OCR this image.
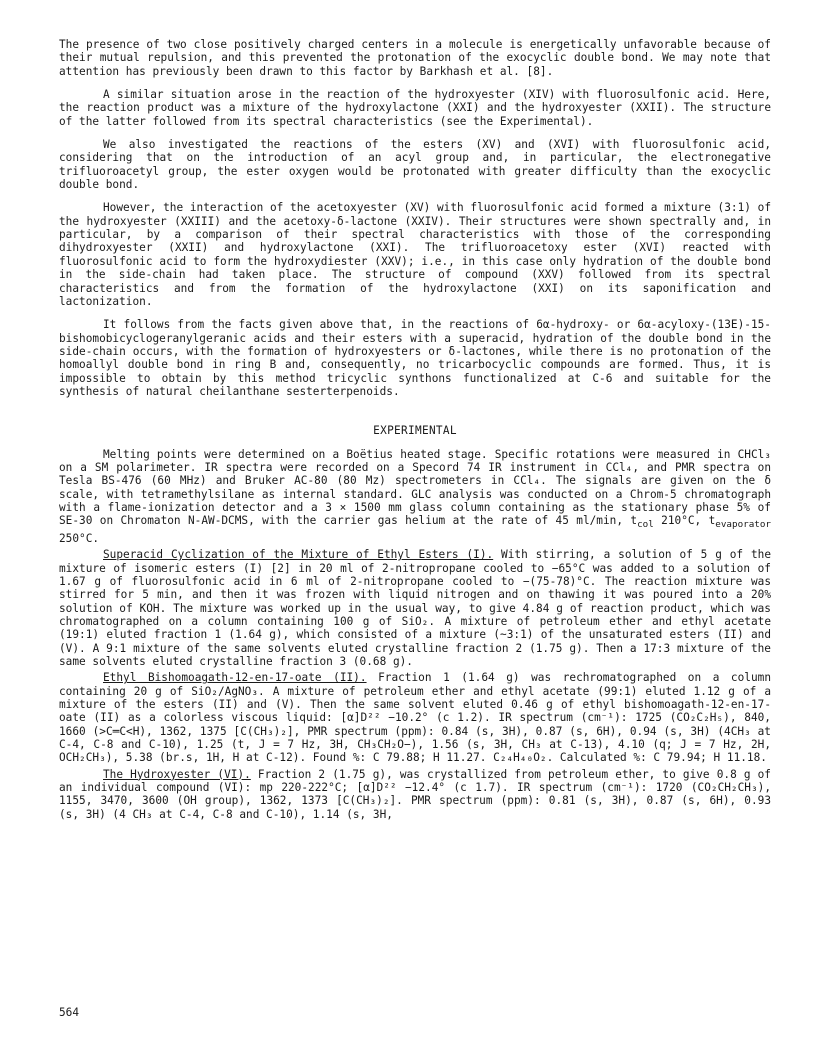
The presence of two close positively charged centers in a molecule is energetically unfavorable because of their mutual repulsion, and this prevented the protonation of the exocyclic double bond. We may note that attention has previously been drawn to this factor by Barkhash et al. [8].

A similar situation arose in the reaction of the hydroxyester (XIV) with fluorosulfonic acid. Here, the reaction product was a mixture of the hydroxylactone (XXI) and the hydroxyester (XXII). The structure of the latter followed from its spectral characteristics (see the Experimental).

We also investigated the reactions of the esters (XV) and (XVI) with fluorosulfonic acid, considering that on the introduction of an acyl group and, in particular, the electronegative trifluoroacetyl group, the ester oxygen would be protonated with greater difficulty than the exocyclic double bond.

However, the interaction of the acetoxyester (XV) with fluorosulfonic acid formed a mixture (3:1) of the hydroxyester (XXIII) and the acetoxy-δ-lactone (XXIV). Their structures were shown spectrally and, in particular, by a comparison of their spectral characteristics with those of the corresponding dihydroxyester (XXII) and hydroxylactone (XXI). The trifluoroacetoxy ester (XVI) reacted with fluorosulfonic acid to form the hydroxydiester (XXV); i.e., in this case only hydration of the double bond in the side-chain had taken place. The structure of compound (XXV) followed from its spectral characteristics and from the formation of the hydroxylactone (XXI) on its saponification and lactonization.

It follows from the facts given above that, in the reactions of 6α-hydroxy- or 6α-acyloxy-(13E)-15-bishomobicyclogeranylgeranic acids and their esters with a superacid, hydration of the double bond in the side-chain occurs, with the formation of hydroxyesters or δ-lactones, while there is no protonation of the homoallyl double bond in ring B and, consequently, no tricarbocyclic compounds are formed. Thus, it is impossible to obtain by this method tricyclic synthons functionalized at C-6 and suitable for the synthesis of natural cheilanthane sesterterpenoids.

EXPERIMENTAL

Melting points were determined on a Boëtius heated stage. Specific rotations were measured in CHCl₃ on a SM polarimeter. IR spectra were recorded on a Specord 74 IR instrument in CCl₄, and PMR spectra on Tesla BS-476 (60 MHz) and Bruker AC-80 (80 Mz) spectrometers in CCl₄. The signals are given on the δ scale, with tetramethylsilane as internal standard. GLC analysis was conducted on a Chrom-5 chromatograph with a flame-ionization detector and a 3 × 1500 mm glass column containing as the stationary phase 5% of SE-30 on Chromaton N-AW-DCMS, with the carrier gas helium at the rate of 45 ml/min, $t_{col}$ 210°C, $t_{evaporator}$ 250°C.

Superacid Cyclization of the Mixture of Ethyl Esters (I). With stirring, a solution of 5 g of the mixture of isomeric esters (I) [2] in 20 ml of 2-nitropropane cooled to −65°C was added to a solution of 1.67 g of fluorosulfonic acid in 6 ml of 2-nitropropane cooled to −(75-78)°C. The reaction mixture was stirred for 5 min, and then it was frozen with liquid nitrogen and on thawing it was poured into a 20% solution of KOH. The mixture was worked up in the usual way, to give 4.84 g of reaction product, which was chromatographed on a column containing 100 g of SiO₂. A mixture of petroleum ether and ethyl acetate (19:1) eluted fraction 1 (1.64 g), which consisted of a mixture (~3:1) of the unsaturated esters (II) and (V). A 9:1 mixture of the same solvents eluted crystalline fraction 2 (1.75 g). Then a 17:3 mixture of the same solvents eluted crystalline fraction 3 (0.68 g).

Ethyl Bishomoagath-12-en-17-oate (II). Fraction 1 (1.64 g) was rechromatographed on a column containing 20 g of SiO₂/AgNO₃. A mixture of petroleum ether and ethyl acetate (99:1) eluted 1.12 g of a mixture of the esters (II) and (V). Then the same solvent eluted 0.46 g of ethyl bishomoagath-12-en-17-oate (II) as a colorless viscous liquid: [α]D²² −10.2° (c 1.2). IR spectrum (cm⁻¹): 1725 (CO₂C₂H₅), 840, 1660 (>C═C<H), 1362, 1375 [C(CH₃)₂], PMR spectrum (ppm): 0.84 (s, 3H), 0.87 (s, 6H), 0.94 (s, 3H) (4CH₃ at C-4, C-8 and C-10), 1.25 (t, J = 7 Hz, 3H, CH₃CH₂O−), 1.56 (s, 3H, CH₃ at C-13), 4.10 (q; J = 7 Hz, 2H, OCH₂CH₃), 5.38 (br.s, 1H, H at C-12). Found %: C 79.88; H 11.27. C₂₄H₄₀O₂. Calculated %: C 79.94; H 11.18.

The Hydroxyester (VI). Fraction 2 (1.75 g), was crystallized from petroleum ether, to give 0.8 g of an individual compound (VI): mp 220-222°C; [α]D²² −12.4° (c 1.7). IR spectrum (cm⁻¹): 1720 (CO₂CH₂CH₃), 1155, 3470, 3600 (OH group), 1362, 1373 [C(CH₃)₂]. PMR spectrum (ppm): 0.81 (s, 3H), 0.87 (s, 6H), 0.93 (s, 3H) (4 CH₃ at C-4, C-8 and C-10), 1.14 (s, 3H,

564
